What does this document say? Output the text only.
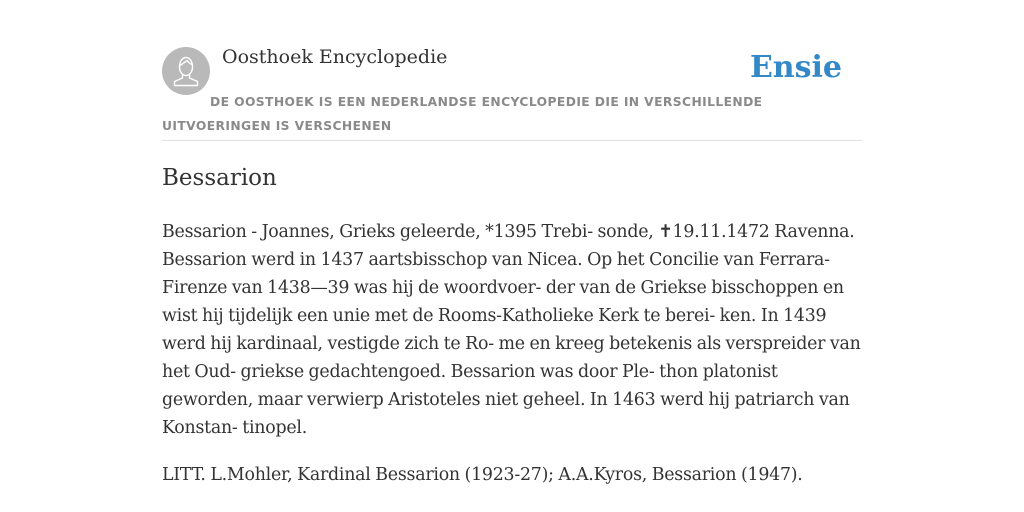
Oosthoek Encyclopedie	Ensie
DE OOSTHOEK IS EEN NEDERLANDSE ENCYCLOPEDIE DIE IN VERSCHILLENDE UITVOERINGEN IS VERSCHENEN
Bessarion

Bessarion - Joannes, Grieks geleerde, *1395 Trebi- sonde, ✝19.11.1472 Ravenna. Bessarion werd in 1437 aartsbisschop van Nicea. Op het Concilie van Ferrara-Firenze van 1438—39 was hij de woordvoer- der van de Griekse bisschoppen en wist hij tijdelijk een unie met de Rooms-Katholieke Kerk te berei- ken. In 1439 werd hij kardinaal, vestigde zich te Ro- me en kreeg betekenis als verspreider van het Oud- griekse gedachtengoed. Bessarion was door Ple- thon platonist geworden, maar verwierp Aristoteles niet geheel. In 1463 werd hij patriarch van Konstan- tinopel.

LITT. L.Mohler, Kardinal Bessarion (1923-27); A.A.Kyros, Bessarion (1947).
